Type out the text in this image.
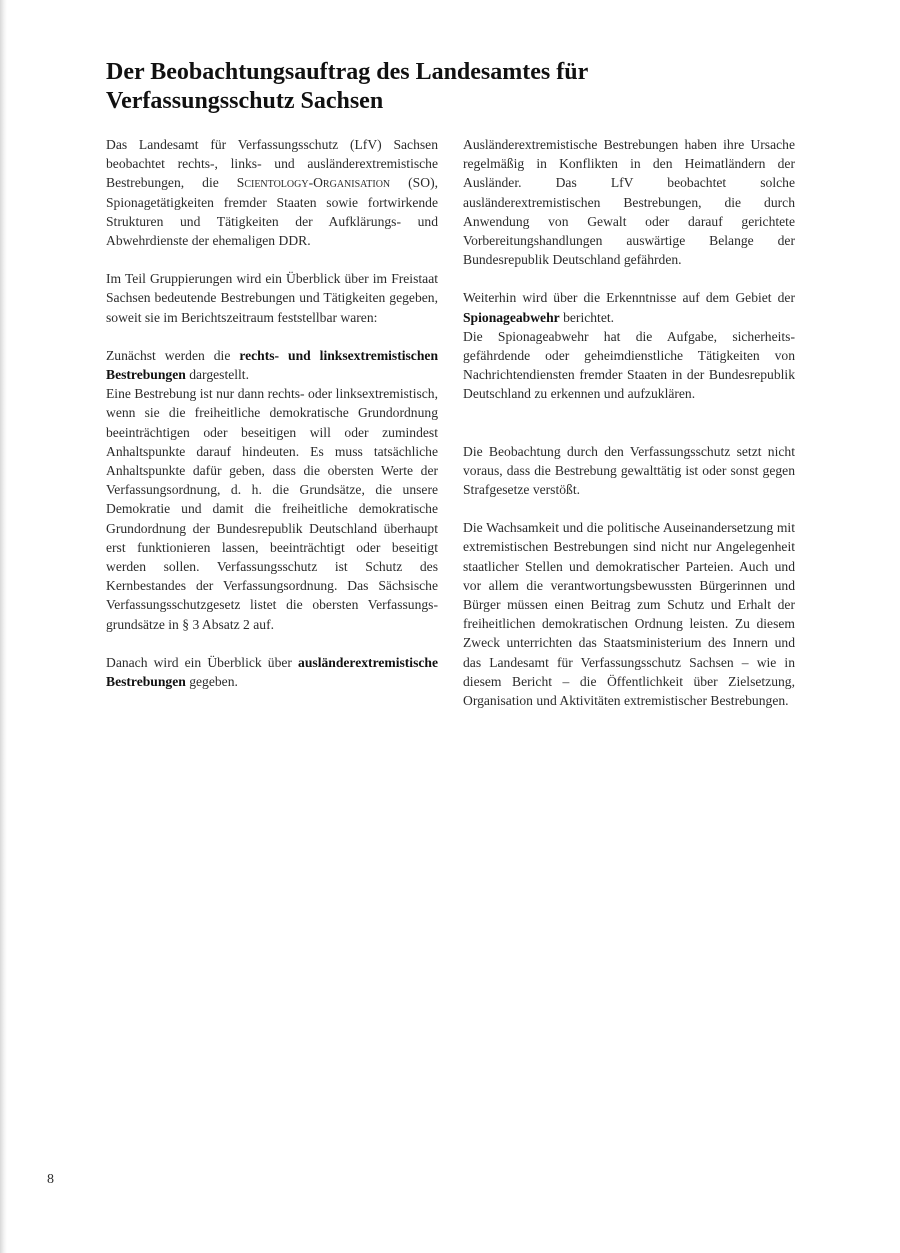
Der Beobachtungsauftrag des Landesamtes für
Verfassungsschutz Sachsen

Das Landesamt für Verfassungsschutz (LfV) Sachsen beobachtet rechts-, links- und ausländerextremistische Bestrebungen, die Scientology-Organisation (SO), Spionagetätigkeiten fremder Staaten sowie fortwirkende Strukturen und Tätigkeiten der Aufklärungs- und Abwehrdienste der ehemaligen DDR.

Im Teil Gruppierungen wird ein Überblick über im Freistaat Sachsen bedeutende Bestrebungen und Tätigkeiten gegeben, soweit sie im Berichtszeitraum feststellbar waren:

Zunächst werden die rechts- und linksextremistischen Bestrebungen dargestellt.

Eine Bestrebung ist nur dann rechts- oder linksextremistisch, wenn sie die freiheitliche demokratische Grundordnung beeinträchtigen oder beseitigen will oder zumindest Anhaltspunkte darauf hindeuten. Es muss tatsächliche Anhaltspunkte dafür geben, dass die obersten Werte der Verfassungsordnung, d. h. die Grundsätze, die unsere Demokratie und damit die freiheitliche demokratische Grundordnung der Bundesrepublik Deutschland überhaupt erst funktionieren lassen, beeinträchtigt oder beseitigt werden sollen. Verfassungsschutz ist Schutz des Kernbestandes der Verfassungsordnung. Das Sächsische Verfassungsschutzgesetz listet die obersten Verfassungsgrundsätze in § 3 Absatz 2 auf.

Danach wird ein Überblick über ausländerextremistische Bestrebungen gegeben.

Ausländerextremistische Bestrebungen haben ihre Ursache regelmäßig in Konflikten in den Heimatländern der Ausländer. Das LfV beobachtet solche ausländerextremistischen Bestrebungen, die durch Anwendung von Gewalt oder darauf gerichtete Vorbereitungshandlungen auswärtige Belange der Bundesrepublik Deutschland gefährden.

Weiterhin wird über die Erkenntnisse auf dem Gebiet der Spionageabwehr berichtet.

Die Spionageabwehr hat die Aufgabe, sicherheitsgefährdende oder geheimdienstliche Tätigkeiten von Nachrichtendiensten fremder Staaten in der Bundesrepublik Deutschland zu erkennen und aufzuklären.

Die Beobachtung durch den Verfassungsschutz setzt nicht voraus, dass die Bestrebung gewalttätig ist oder sonst gegen Strafgesetze verstößt.

Die Wachsamkeit und die politische Auseinandersetzung mit extremistischen Bestrebungen sind nicht nur Angelegenheit staatlicher Stellen und demokratischer Parteien. Auch und vor allem die verantwortungsbewussten Bürgerinnen und Bürger müssen einen Beitrag zum Schutz und Erhalt der freiheitlichen demokratischen Ordnung leisten. Zu diesem Zweck unterrichten das Staatsministerium des Innern und das Landesamt für Verfassungsschutz Sachsen – wie in diesem Bericht – die Öffentlichkeit über Zielsetzung, Organisation und Aktivitäten extremistischer Bestrebungen.

8
